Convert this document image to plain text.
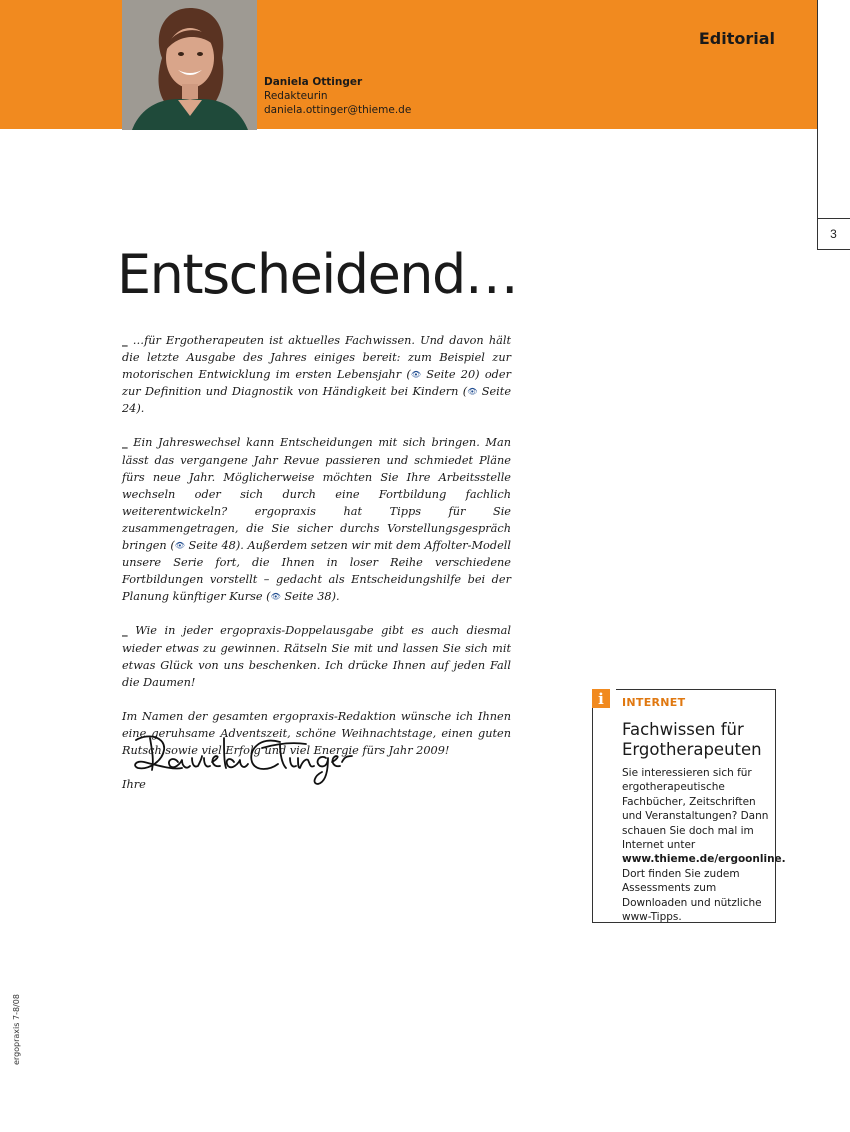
3
Editorial
Daniela Ottinger
Redakteurin
daniela.ottinger@thieme.de
Entscheidend…

_ …für Ergotherapeuten ist aktuelles Fachwissen. Und davon hält die letzte Ausgabe des Jahres einiges bereit: zum Beispiel zur motorischen Entwicklung im ersten Lebensjahr (👁︎ Seite 20) oder zur Definition und Diagnostik von Händigkeit bei Kindern (👁︎ Seite 24).

_ Ein Jahreswechsel kann Entscheidungen mit sich bringen. Man lässt das vergangene Jahr Revue passieren und schmiedet Pläne fürs neue Jahr. Möglicherweise möchten Sie Ihre Arbeitsstelle wechseln oder sich durch eine Fortbildung fachlich weiterentwickeln? ergopraxis hat Tipps für Sie zusammengetragen, die Sie sicher durchs Vorstellungsgespräch bringen (👁︎ Seite 48). Außerdem setzen wir mit dem Affolter-Modell unsere Serie fort, die Ihnen in loser Reihe verschiedene Fortbildungen vorstellt – gedacht als Entscheidungshilfe bei der Planung künftiger Kurse (👁︎ Seite 38).

_ Wie in jeder ergopraxis-Doppelausgabe gibt es auch diesmal wieder etwas zu gewinnen. Rätseln Sie mit und lassen Sie sich mit etwas Glück von uns beschenken. Ich drücke Ihnen auf jeden Fall die Daumen!

Im Namen der gesamten ergopraxis-Redaktion wünsche ich Ihnen eine geruhsame Adventszeit, schöne Weihnachtstage, einen guten Rutsch sowie viel Erfolg und viel Energie fürs Jahr 2009!

Ihre

i	INTERNET
Fachwissen für Ergotherapeuten
Sie interessieren sich für ergotherapeutische Fachbücher, Zeitschriften und Veranstaltungen? Dann schauen Sie doch mal im Internet unter www.thieme.de/ergoonline. Dort finden Sie zudem Assessments zum Downloaden und nützliche www-Tipps.
ergopraxis 7-8/08
